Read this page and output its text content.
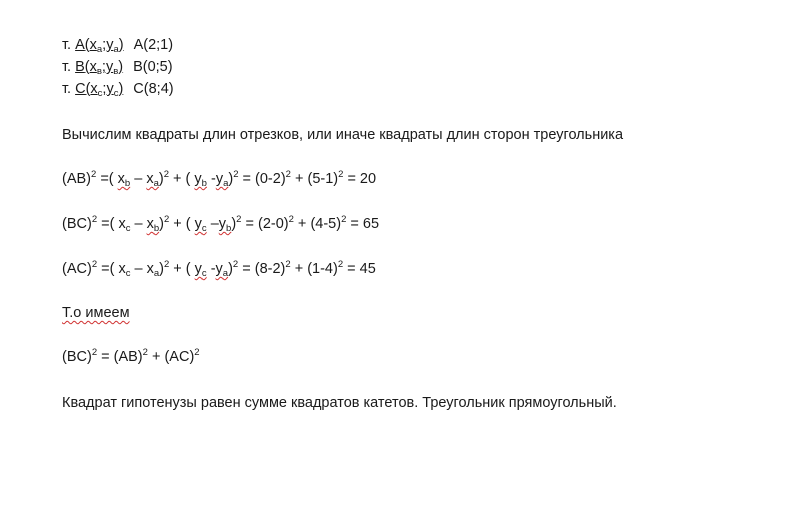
т. $A(x_a;y_a)$ A(2;1)
т. $B(x_в;y_в)$ B(0;5)
т. $C(x_c;y_c)$ C(8;4)
Вычислим квадраты длин отрезков, или иначе квадраты длин сторон треугольника
(AB)$^2$ =( $x_b - x_a)^2$ + ( $y_b$ $-y_a)^2 = (0-2)^2 + (5-1)^2 = 20$
(BC)$^2$ =( $x_c - x_b)^2$ + ( $y_c$ $-y_b)^2 = (2-0)^2 + (4-5)^2 = 65$
(AC)$^2$ =( $x_c - x_a)^2$ + ( $y_c$ $-y_a)^2 = (8-2)^2 + (1-4)^2 = 45$
Т.о имеем
(BC)$^2$ = (AB)$^2$ + (AC)$^2$
Квадрат гипотенузы равен сумме квадратов катетов. Треугольник прямоугольный.
